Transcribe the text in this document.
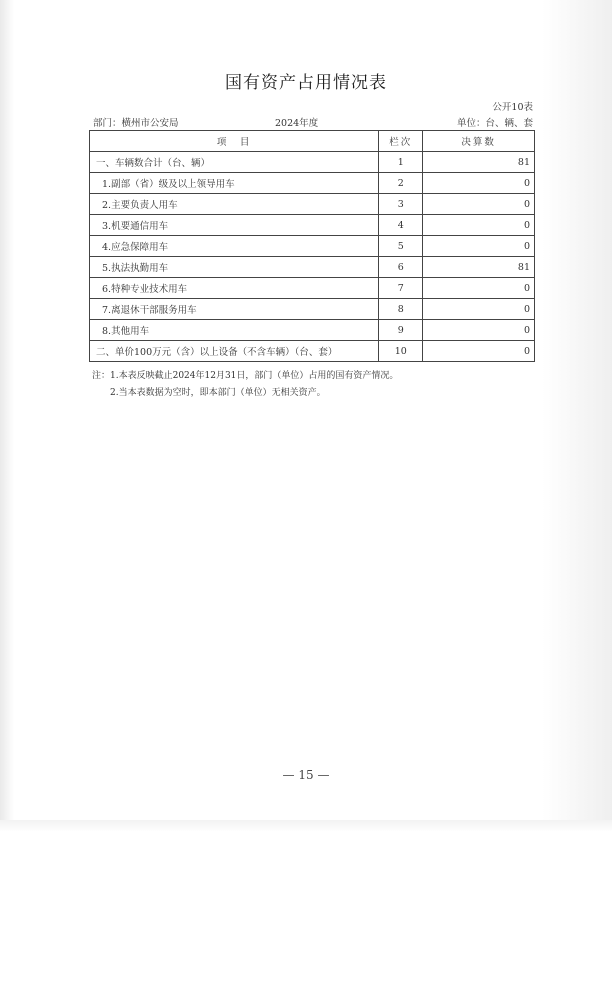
国有资产占用情况表
公开10表
部门：横州市公安局	2024年度	单位：台、辆、套
项　目	栏次	决算数
一、车辆数合计（台、辆）	1	81
1.副部（省）级及以上领导用车	2	0
2.主要负责人用车	3	0
3.机要通信用车	4	0
4.应急保障用车	5	0
5.执法执勤用车	6	81
6.特种专业技术用车	7	0
7.离退休干部服务用车	8	0
8.其他用车	9	0
二、单价100万元（含）以上设备（不含车辆）（台、套）	10	0
注：1.本表反映截止2024年12月31日，部门（单位）占用的国有资产情况。
2.当本表数据为空时，即本部门（单位）无相关资产。
— 15 —
